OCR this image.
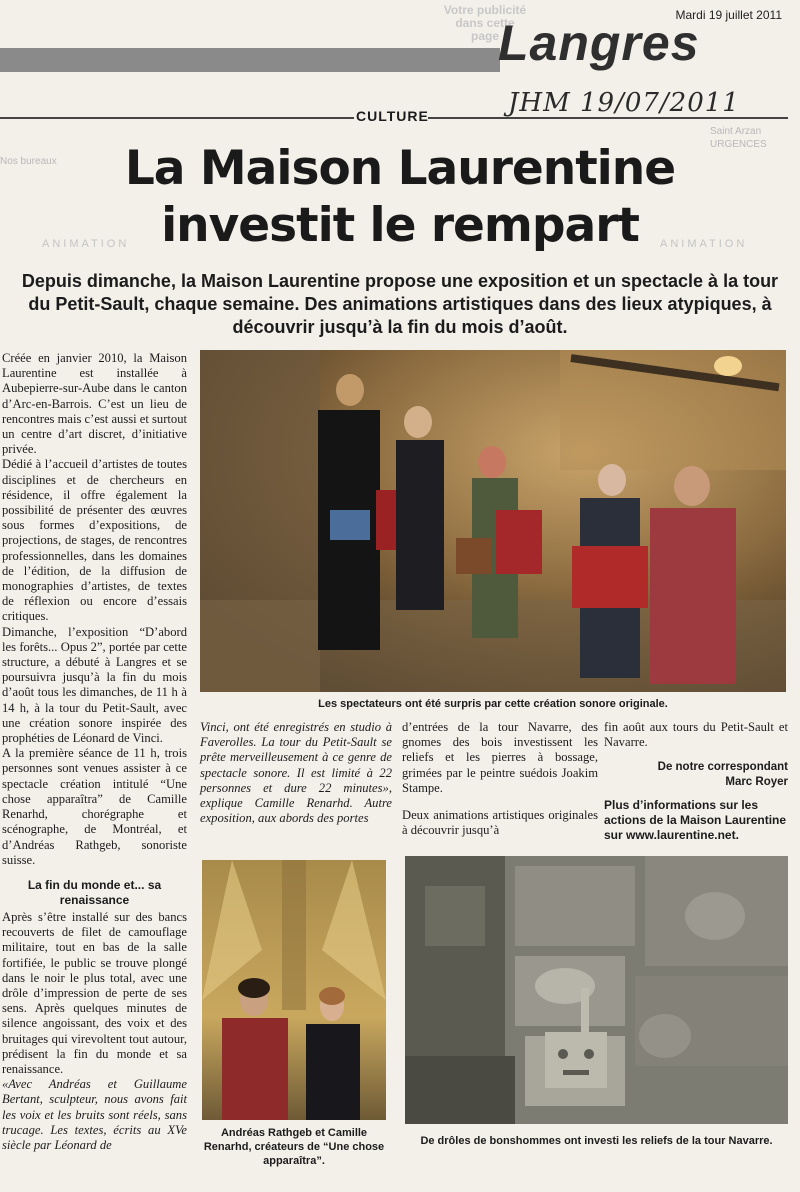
Votre publicité dans cette page
Mardi 19 juillet 2011
Langres
CULTURE	JHM 19/07/2011
Nos bureaux
ANIMATION	ANIMATION
Saint Arzan URGENCES
La Maison Laurentine
investit le rempart

Depuis dimanche, la Maison Laurentine propose une exposition et un spectacle à la tour du Petit-Sault, chaque semaine. Des animations artistiques dans des lieux atypiques, à découvrir jusqu’à la fin du mois d’août.

Créée en janvier 2010, la Maison Laurentine est installée à Aubepierre-sur-Aube dans le canton d’Arc-en-Barrois. C’est un lieu de rencontres mais c’est aussi et surtout un centre d’art discret, d’initiative privée.

Dédié à l’accueil d’artistes de toutes disciplines et de chercheurs en résidence, il offre également la possibilité de présenter des œuvres sous formes d’expositions, de projections, de stages, de rencontres professionnelles, dans les domaines de l’édition, de la diffusion de monographies d’artistes, de textes de réflexion ou encore d’essais critiques.

Dimanche, l’exposition “D’abord les forêts... Opus 2”, portée par cette structure, a débuté à Langres et se poursuivra jusqu’à la fin du mois d’août tous les dimanches, de 11 h à 14 h, à la tour du Petit-Sault, avec une création sonore inspirée des prophéties de Léonard de Vinci.

A la première séance de 11 h, trois personnes sont venues assister à ce spectacle création intitulé “Une chose apparaîtra” de Camille Renarhd, chorégraphe et scénographe, de Montréal, et d’Andréas Rathgeb, sonoriste suisse.

La fin du monde et... sa renaissance

Après s’être installé sur des bancs recouverts de filet de camouflage militaire, tout en bas de la salle fortifiée, le public se trouve plongé dans le noir le plus total, avec une drôle d’impression de perte de ses sens. Après quelques minutes de silence angoissant, des voix et des bruitages qui virevoltent tout autour, prédisent la fin du monde et sa renaissance.

«Avec Andréas et Guillaume Bertant, sculpteur, nous avons fait les voix et les bruits sont réels, sans trucage. Les textes, écrits au XVe siècle par Léonard de

Les spectateurs ont été surpris par cette création sonore originale.

Vinci, ont été enregistrés en studio à Faverolles. La tour du Petit-Sault se prête merveilleusement à ce genre de spectacle sonore. Il est limité à 22 personnes et dure 22 minutes», explique Camille Renarhd. Autre exposition, aux abords des portes

d’entrées de la tour Navarre, des gnomes des bois investissent les reliefs et les pierres à bossage, grimées par le peintre suédois Joakim Stampe.

Deux animations artistiques originales à découvrir jusqu’à

fin août aux tours du Petit-Sault et Navarre.

De notre correspondant

Marc Royer

Plus d’informations sur les actions de la Maison Laurentine sur www.laurentine.net.

Andréas Rathgeb et Camille Renarhd, créateurs de “Une chose apparaîtra”.
De drôles de bonshommes ont investi les reliefs de la tour Navarre.
